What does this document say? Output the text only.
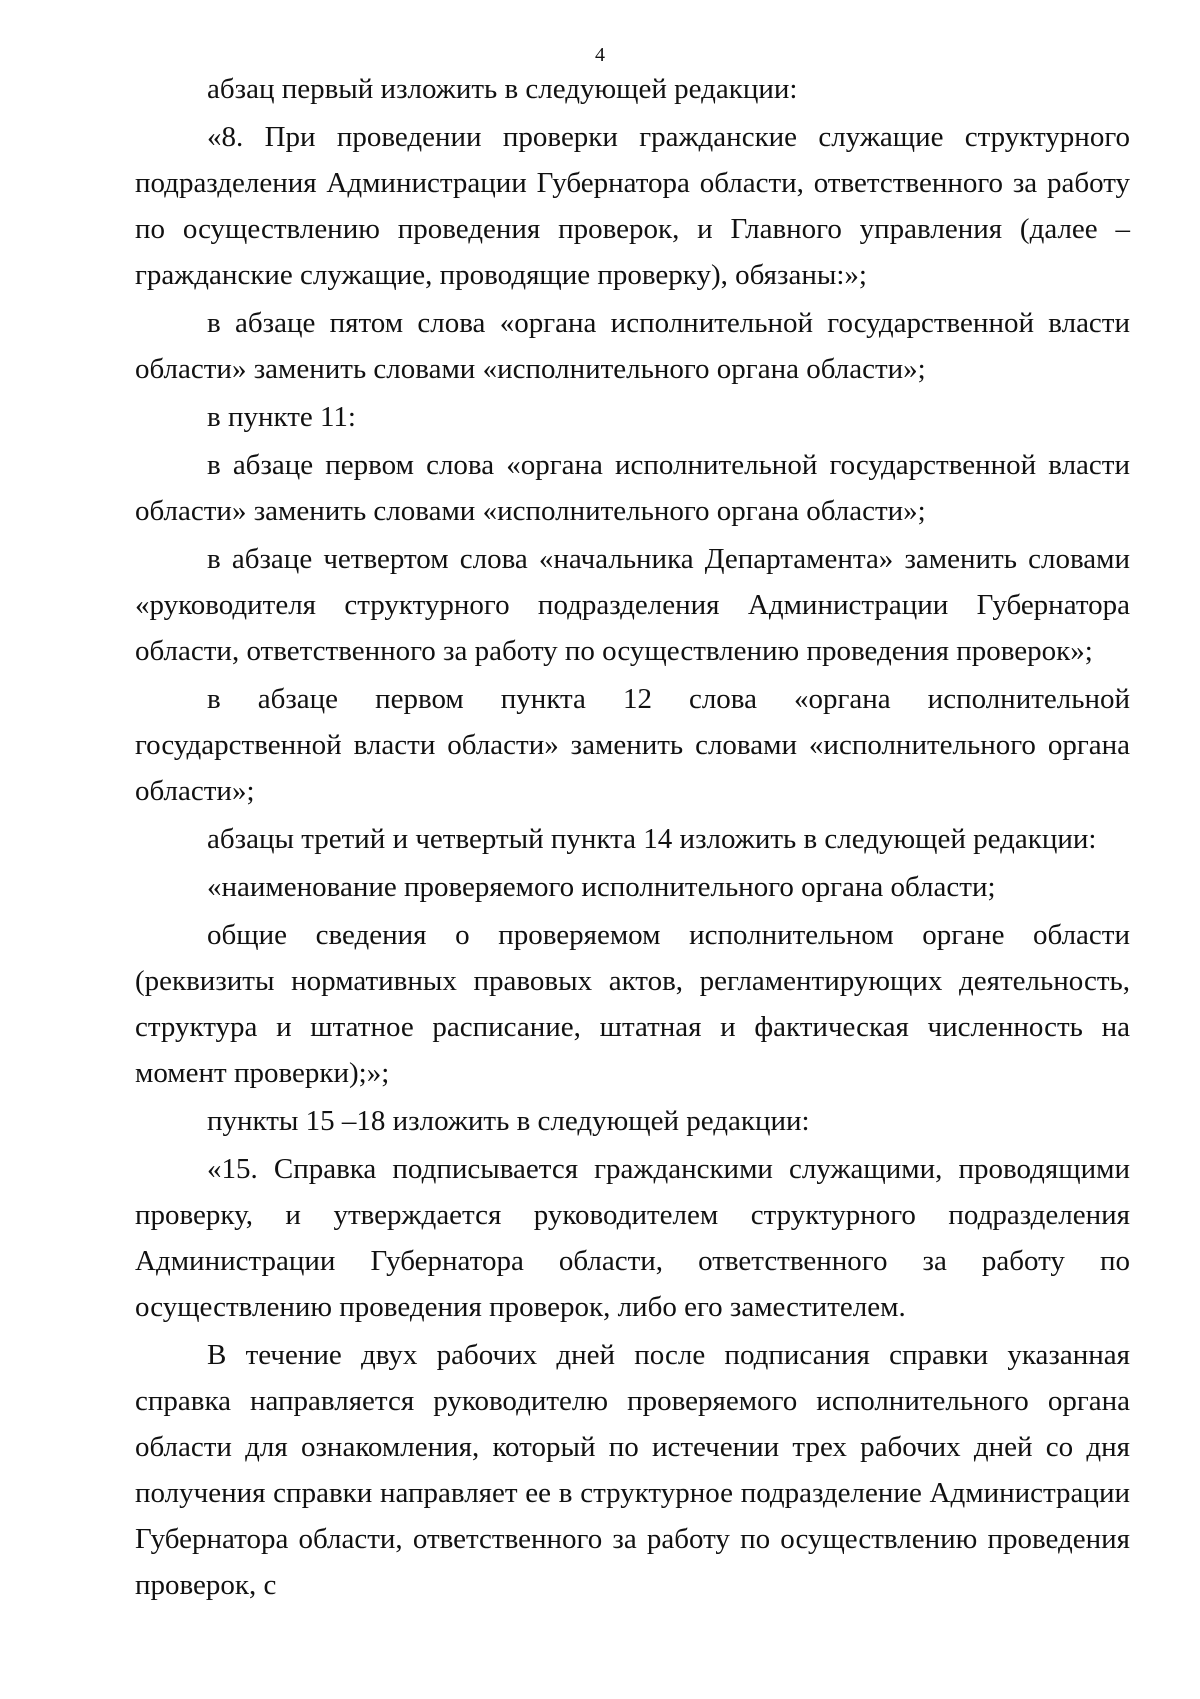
4

абзац первый изложить в следующей редакции:

«8. При проведении проверки гражданские служащие структурного подразделения Администрации Губернатора области, ответственного за работу по осуществлению проведения проверок, и Главного управления (далее – гражданские служащие, проводящие проверку), обязаны:»;

в абзаце пятом слова «органа исполнительной государственной власти области» заменить словами «исполнительного органа области»;

в пункте 11:

в абзаце первом слова «органа исполнительной государственной власти области» заменить словами «исполнительного органа области»;

в абзаце четвертом слова «начальника Департамента» заменить словами «руководителя структурного подразделения Администрации Губернатора области, ответственного за работу по осуществлению проведения проверок»;

в абзаце первом пункта 12 слова «органа исполнительной государственной власти области» заменить словами «исполнительного органа области»;

абзацы третий и четвертый пункта 14 изложить в следующей редакции:

«наименование проверяемого исполнительного органа области;

общие сведения о проверяемом исполнительном органе области (реквизиты нормативных правовых актов, регламентирующих деятельность, структура и штатное расписание, штатная и фактическая численность на момент проверки);»;

пункты 15 –18 изложить в следующей редакции:

«15. Справка подписывается гражданскими служащими, проводящими проверку, и утверждается руководителем структурного подразделения Администрации Губернатора области, ответственного за работу по осуществлению проведения проверок, либо его заместителем.

В течение двух рабочих дней после подписания справки указанная справка направляется руководителю проверяемого исполнительного органа области для ознакомления, который по истечении трех рабочих дней со дня получения справки направляет ее в структурное подразделение Администрации Губернатора области, ответственного за работу по осуществлению проведения проверок, с
